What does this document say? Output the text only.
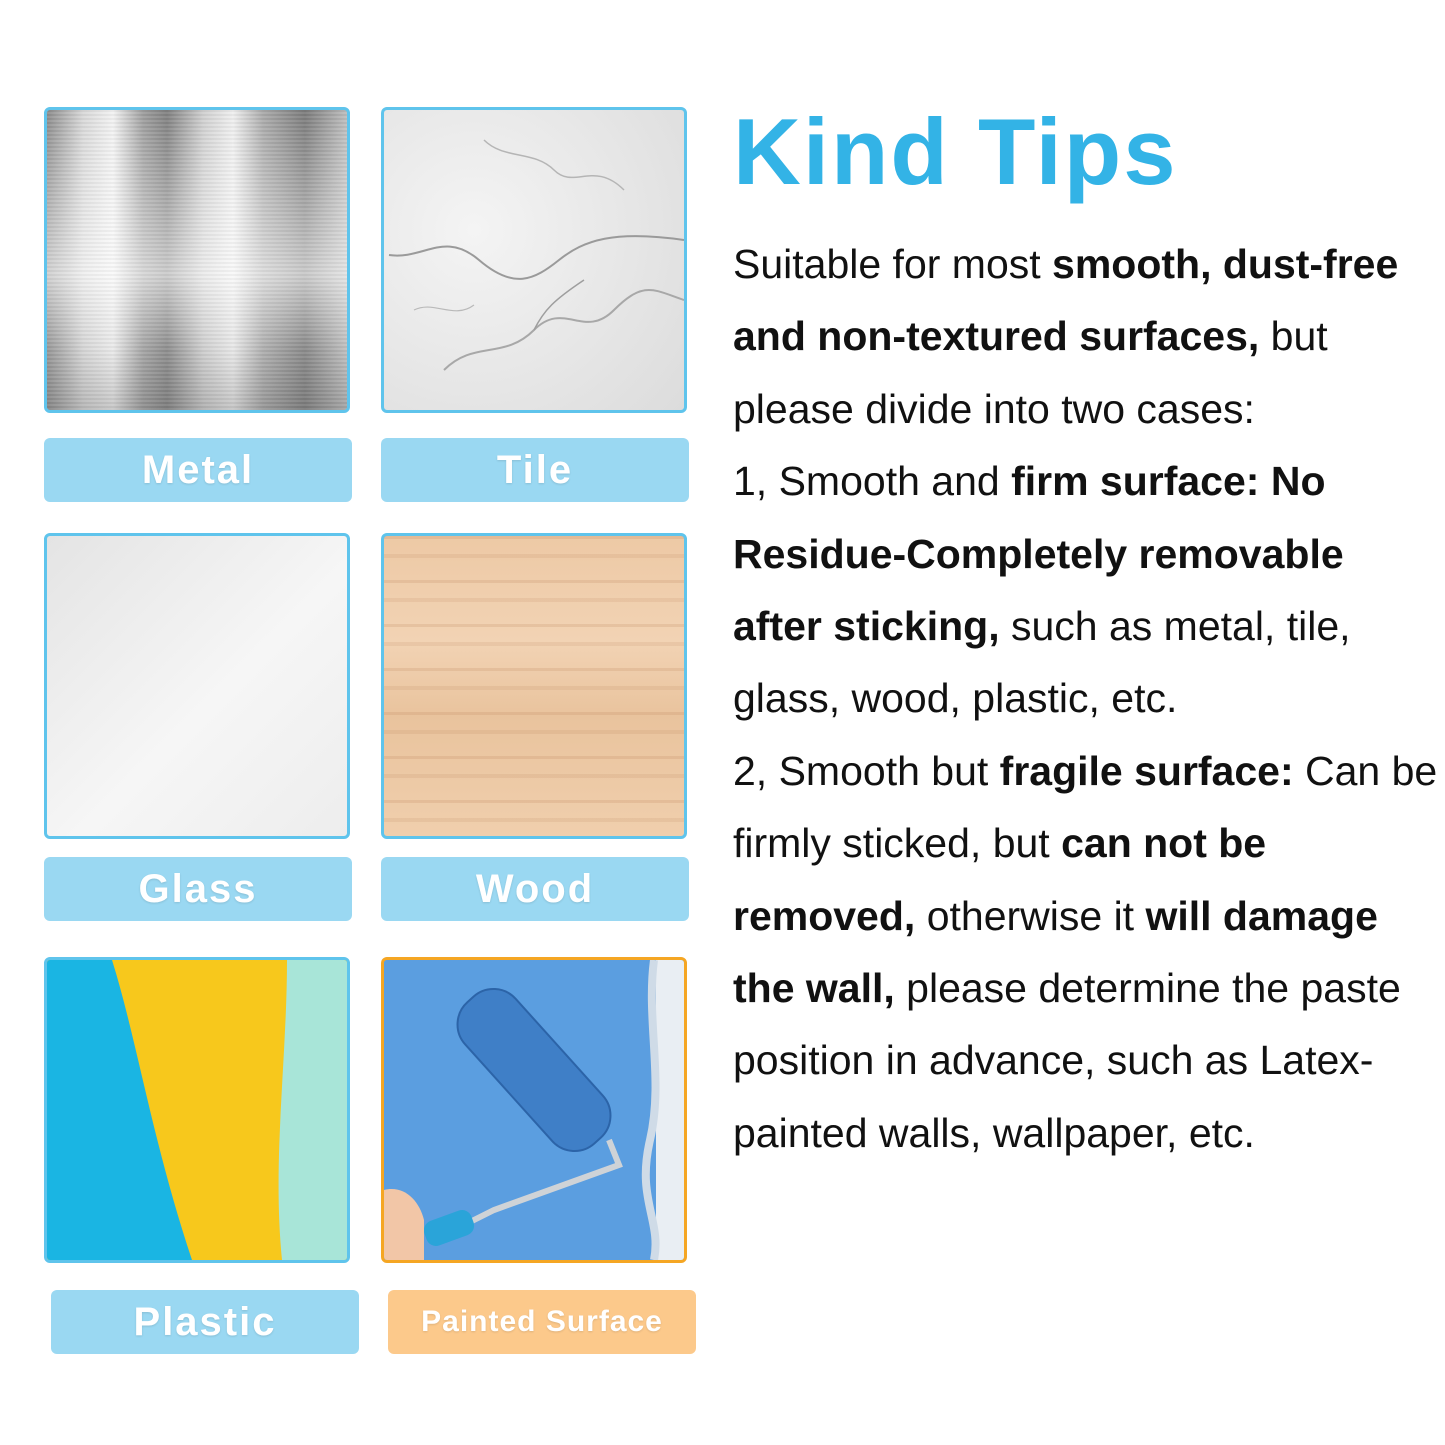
Metal	Tile
Glass	Wood
Plastic	Painted Surface
Kind Tips

Suitable for most smooth, dust-free and non-textured surfaces, but please divide into two cases:

1, Smooth and firm surface: No Residue-Completely removable after sticking, such as metal, tile, glass, wood, plastic, etc.

2, Smooth but fragile surface: Can be firmly sticked, but can not be removed, otherwise it will damage the wall, please determine the paste position in advance, such as Latex-painted walls, wallpaper, etc.
